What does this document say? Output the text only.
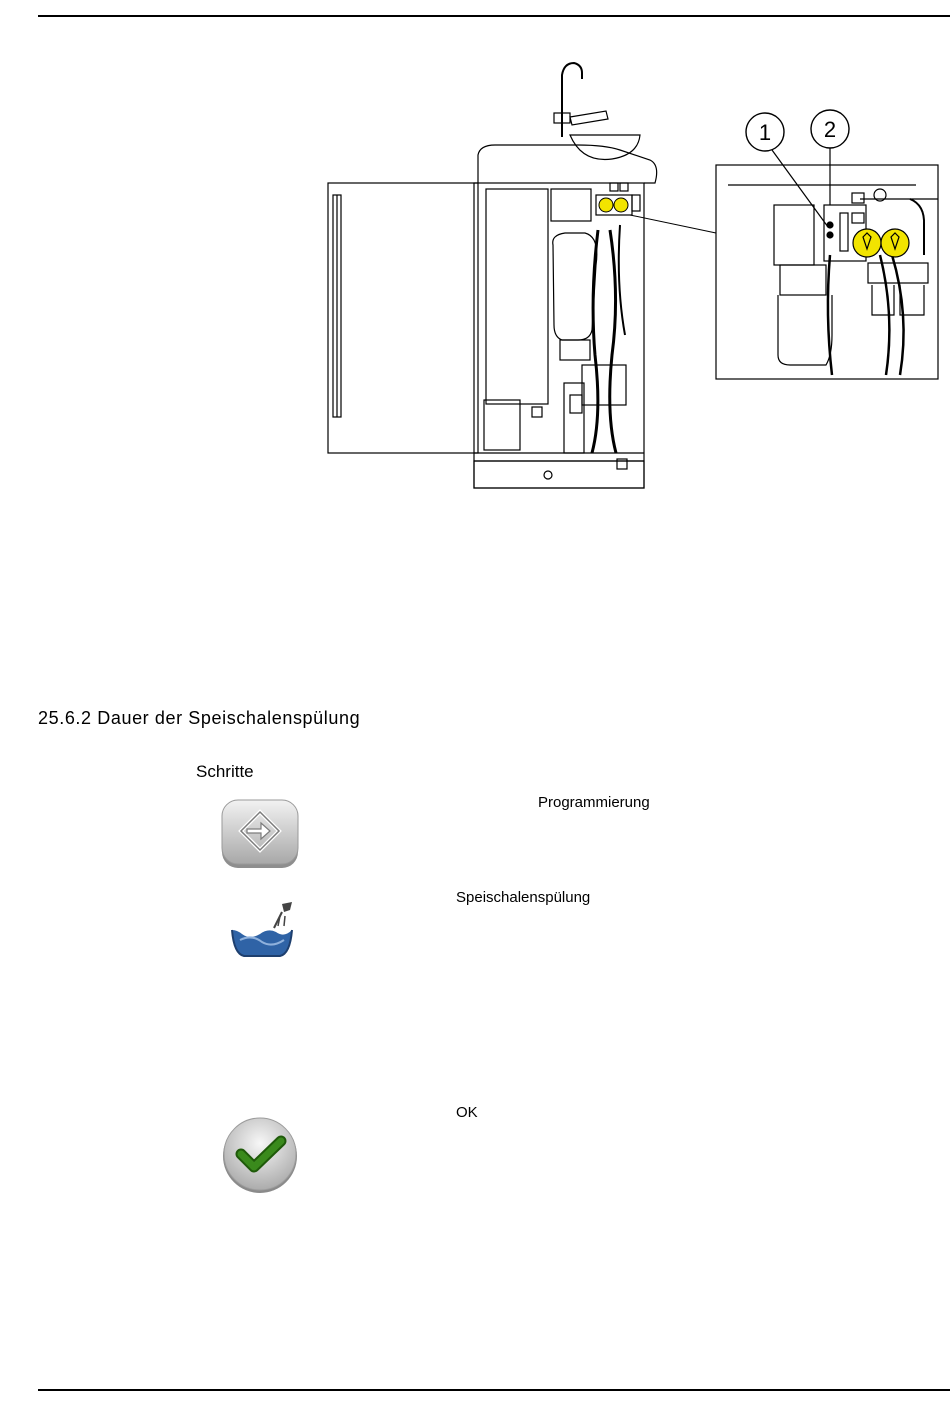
1 2
25.6.2 Dauer der Speischalenspülung
Schritte
Programmierung
Speischalenspülung
OK
